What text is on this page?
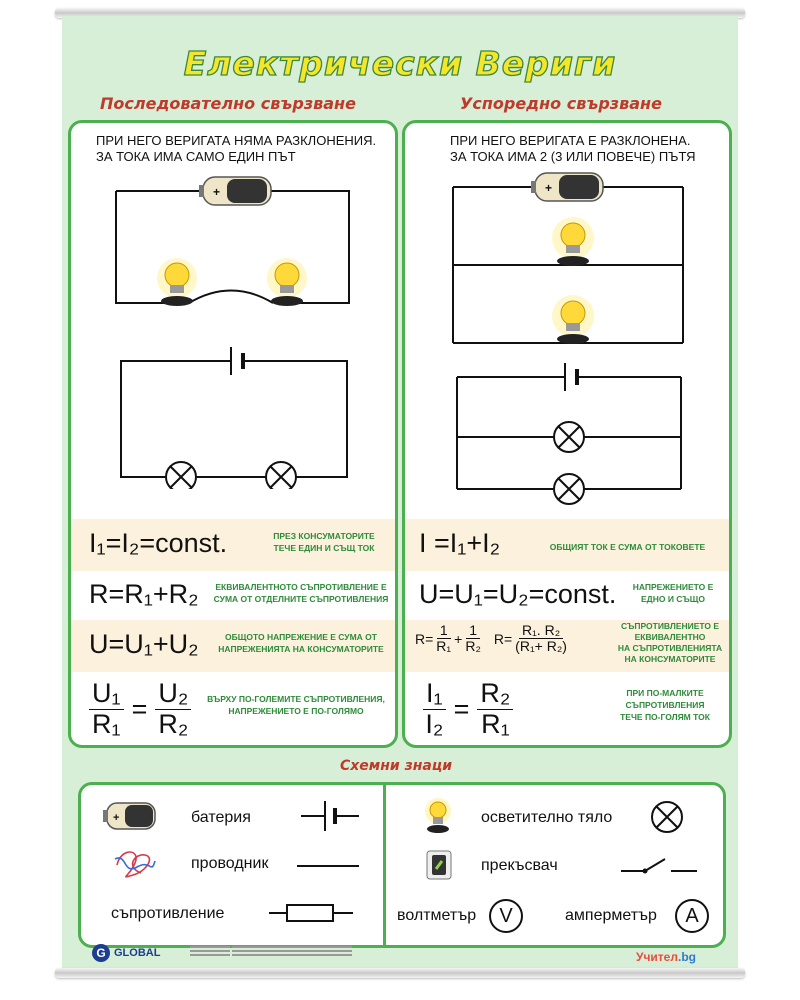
Електрически Вериги
Последователно свързване	Успоредно свързване
ПРИ НЕГО ВЕРИГАТА НЯМА РАЗКЛОНЕНИЯ.
ЗА ТОКА ИМА САМО ЕДИН ПЪТ
+
I₁=I₂=const.	ПРЕЗ КОНСУМАТОРИТЕ
ТЕЧЕ ЕДИН И СЪЩ ТОК
R=R₁+R₂	ЕКВИВАЛЕНТНОТО СЪПРОТИВЛЕНИЕ Е
СУМА ОТ ОТДЕЛНИТЕ СЪПРОТИВЛЕНИЯ
U=U₁+U₂	ОБЩОТО НАПРЕЖЕНИЕ Е СУМА ОТ
НАПРЕЖЕНИЯТА НА КОНСУМАТОРИТЕ
$\frac{\text{U₁}}{\text{R₁}} = \frac{\text{U₂}}{\text{R₂}}$	ВЪРХУ ПО-ГОЛЕМИТЕ СЪПРОТИВЛЕНИЯ,
НАПРЕЖЕНИЕТО Е ПО-ГОЛЯМО
ПРИ НЕГО ВЕРИГАТА Е РАЗКЛОНЕНА.
ЗА ТОКА ИМА 2 (3 ИЛИ ПОВЕЧЕ) ПЪТЯ
+
I =I₁+I₂	ОБЩИЯТ ТОК Е СУМА ОТ ТОКОВЕТЕ
U=U₁=U₂=const.	НАПРЕЖЕНИЕТО Е
ЕДНО И СЪЩО
$R= \frac{1}{\text{R₁}} + \frac{1}{\text{R₂}} R= \frac{\text{R₁. R₂}}{\text{(R₁+ R₂)}}$	СЪПРОТИВЛЕНИЕТО Е
ЕКВИВАЛЕНТНО
НА СЪПРОТИВЛЕНИЯТА
НА КОНСУМАТОРИТЕ
$\frac{\text{I₁}}{\text{I₂}} = \frac{\text{R₂}}{\text{R₁}}$	ПРИ ПО-МАЛКИТЕ
СЪПРОТИВЛЕНИЯ
ТЕЧЕ ПО-ГОЛЯМ ТОК
Схемни знаци
+	батерия
проводник
съпротивление
осветително тяло
прекъсвач
волтметър	V	амперметър	A
G GLOBAL	Учител.bg
